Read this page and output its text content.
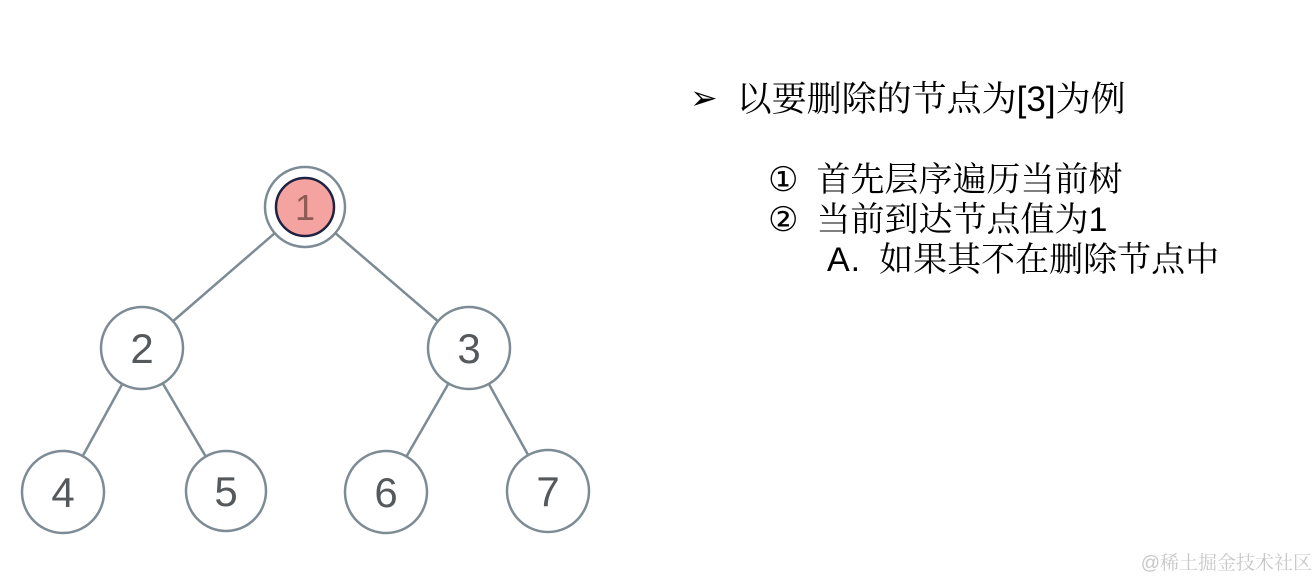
1
2	3
4	5	6	7
➢ 以要删除的节点为[3]为例
① 首先层序遍历当前树
② 当前到达节点值为1
A. 如果其不在删除节点中
@稀土掘金技术社区
